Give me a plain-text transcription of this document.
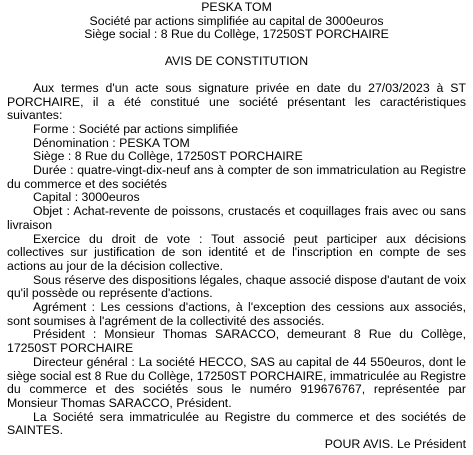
PESKA TOM

Société par actions simplifiée au capital de 3000euros

Siège social : 8 Rue du Collège, 17250ST PORCHAIRE

AVIS DE CONSTITUTION

Aux termes d'un acte sous signature privée en date du 27/03/2023 à ST PORCHAIRE, il a été constitué une société présentant les caractéristiques suivantes:

Forme : Société par actions simplifiée

Dénomination : PESKA TOM

Siège : 8 Rue du Collège, 17250ST PORCHAIRE

Durée : quatre-vingt-dix-neuf ans à compter de son immatriculation au Registre du commerce et des sociétés

Capital : 3000euros

Objet : Achat-revente de poissons, crustacés et coquillages frais avec ou sans livraison

Exercice du droit de vote : Tout associé peut participer aux décisions collectives sur justification de son identité et de l'inscription en compte de ses actions au jour de la décision collective.

Sous réserve des dispositions légales, chaque associé dispose d'autant de voix qu'il possède ou représente d'actions.

Agrément : Les cessions d'actions, à l'exception des cessions aux associés, sont soumises à l'agrément de la collectivité des associés.

Président : Monsieur Thomas SARACCO, demeurant 8 Rue du Collège, 17250ST PORCHAIRE

Directeur général : La société HECCO, SAS au capital de 44 550euros, dont le siège social est 8 Rue du Collège, 17250ST PORCHAIRE, immatriculée au Registre du commerce et des sociétés sous le numéro 919676767, représentée par Monsieur Thomas SARACCO, Président.

La Société sera immatriculée au Registre du commerce et des sociétés de SAINTES.

POUR AVIS. Le Président
